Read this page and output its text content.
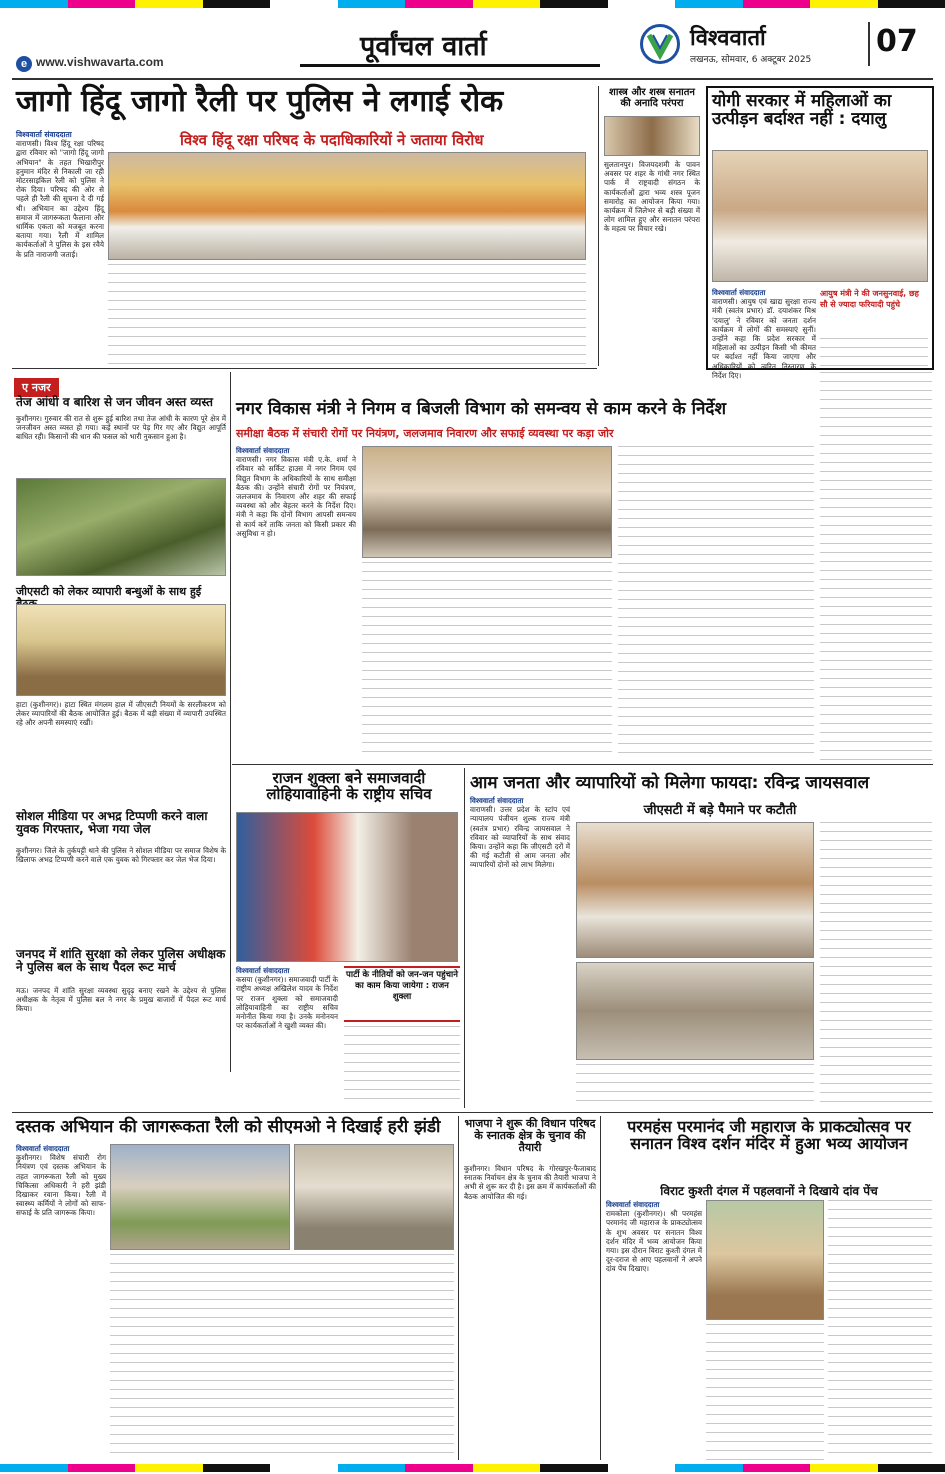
e www.vishwavarta.com	पूर्वांचल वार्ता	विश्ववार्ता
लखनऊ, सोमवार, 6 अक्टूबर 2025
07
जागो हिंदू जागो रैली पर पुलिस ने लगाई रोक
विश्व हिंदू रक्षा परिषद के पदाधिकारियों ने जताया विरोध
विश्ववार्ता संवाददाता
वाराणसी। विश्व हिंदू रक्षा परिषद द्वारा रविवार को "जागो हिंदू जागो अभियान" के तहत भिखारीपुर हनुमान मंदिर से निकाली जा रही मोटरसाइकिल रैली को पुलिस ने रोक दिया। परिषद की ओर से पहले ही रैली की सूचना दे दी गई थी। अभियान का उद्देश्य हिंदू समाज में जागरूकता फैलाना और धार्मिक एकता को मजबूत करना बताया गया। रैली में शामिल कार्यकर्ताओं ने पुलिस के इस रवैये के प्रति नाराजगी जताई।
शास्त्र और शस्त्र सनातन की अनादि परंपरा
सुलतानपुर। विजयदशमी के पावन अवसर पर शहर के गांधी नगर स्थित पार्क में राष्ट्रवादी संगठन के कार्यकर्ताओं द्वारा भव्य शस्त्र पूजन समारोह का आयोजन किया गया। कार्यक्रम में जिलेभर से बड़ी संख्या में लोग शामिल हुए और सनातन परंपरा के महत्व पर विचार रखे।
योगी सरकार में महिलाओं का उत्पीड़न बर्दाश्त नहीं : दयालु
आयुष मंत्री ने की जनसुनवाई, छह सौ से ज्यादा फरियादी पहुंचे
विश्ववार्ता संवाददाता
वाराणसी। आयुष एवं खाद्य सुरक्षा राज्य मंत्री (स्वतंत्र प्रभार) डॉ. दयाशंकर मिश्र 'दयालु' ने रविवार को जनता दर्शन कार्यक्रम में लोगों की समस्याएं सुनीं। उन्होंने कहा कि प्रदेश सरकार में महिलाओं का उत्पीड़न किसी भी कीमत पर बर्दाश्त नहीं किया जाएगा और अधिकारियों को त्वरित निस्तारण के निर्देश दिए।
ए नजर
तेज आंधी व बारिश से जन जीवन अस्त व्यस्त
कुशीनगर। गुरुवार की रात से शुरू हुई बारिश तथा तेज आंधी के कारण पूरे क्षेत्र में जनजीवन अस्त व्यस्त हो गया। कई स्थानों पर पेड़ गिर गए और विद्युत आपूर्ति बाधित रही। किसानों की धान की फसल को भारी नुकसान हुआ है।
जीएसटी को लेकर व्यापारी बन्धुओं के साथ हुई
हाटा (कुशीनगर)। हाटा स्थित मंगलम हाल में जीएसटी नियमों के सरलीकरण को लेकर व्यापारियों की बैठक आयोजित हुई। बैठक में बड़ी संख्या में व्यापारी उपस्थित रहे और अपनी समस्याएं रखीं।
सोशल मीडिया पर अभद्र टिप्पणी करने वाला युवक गिरफ्तार, भेजा गया जेल
कुशीनगर। जिले के तुर्कपट्टी थाने की पुलिस ने सोशल मीडिया पर समाज विशेष के खिलाफ अभद्र टिप्पणी करने वाले एक युवक को गिरफ्तार कर जेल भेज दिया।
जनपद में शांति सुरक्षा को लेकर पुलिस अधीक्षक ने पुलिस बल के साथ पैदल रूट मार्च
मऊ। जनपद में शांति सुरक्षा व्यवस्था सुदृढ़ बनाए रखने के उद्देश्य से पुलिस अधीक्षक के नेतृत्व में पुलिस बल ने नगर के प्रमुख बाजारों में पैदल रूट मार्च किया।
नगर विकास मंत्री ने निगम व बिजली विभाग को समन्वय से काम करने के निर्देश
समीक्षा बैठक में संचारी रोगों पर नियंत्रण, जलजमाव निवारण और सफाई व्यवस्था पर कड़ा जोर
विश्ववार्ता संवाददाता
वाराणसी। नगर विकास मंत्री ए.के. शर्मा ने रविवार को सर्किट हाउस में नगर निगम एवं विद्युत विभाग के अधिकारियों के साथ समीक्षा बैठक की। उन्होंने संचारी रोगों पर नियंत्रण, जलजमाव के निवारण और शहर की सफाई व्यवस्था को और बेहतर करने के निर्देश दिए। मंत्री ने कहा कि दोनों विभाग आपसी समन्वय से कार्य करें ताकि जनता को किसी प्रकार की असुविधा न हो।
राजन शुक्ला बने समाजवादी लोहियावाहिनी के राष्ट्रीय सचिव
विश्ववार्ता संवाददाता
कसया (कुशीनगर)। समाजवादी पार्टी के राष्ट्रीय अध्यक्ष अखिलेश यादव के निर्देश पर राजन शुक्ला को समाजवादी लोहियावाहिनी का राष्ट्रीय सचिव मनोनीत किया गया है। उनके मनोनयन पर कार्यकर्ताओं ने खुशी व्यक्त की।
पार्टी के नीतियों को जन-जन पहुंचाने का काम किया जायेगा : राजन शुक्ला
आम जनता और व्यापारियों को मिलेगा फायदा: रविन्द्र जायसवाल
जीएसटी में बड़े पैमाने पर कटौती
विश्ववार्ता संवाददाता
वाराणसी। उत्तर प्रदेश के स्टांप एवं न्यायालय पंजीयन शुल्क राज्य मंत्री (स्वतंत्र प्रभार) रविन्द्र जायसवाल ने रविवार को व्यापारियों के साथ संवाद किया। उन्होंने कहा कि जीएसटी दरों में की गई कटौती से आम जनता और व्यापारियों दोनों को लाभ मिलेगा।
दस्तक अभियान की जागरूकता रैली को सीएमओ ने दिखाई हरी झंडी
विश्ववार्ता संवाददाता
कुशीनगर। विशेष संचारी रोग नियंत्रण एवं दस्तक अभियान के तहत जागरूकता रैली को मुख्य चिकित्सा अधिकारी ने हरी झंडी दिखाकर रवाना किया। रैली में स्वास्थ्य कर्मियों ने लोगों को साफ-सफाई के प्रति जागरूक किया।
भाजपा ने शुरू की विधान परिषद के स्नातक क्षेत्र के चुनाव की तैयारी
कुशीनगर। विधान परिषद के गोरखपुर-फैजाबाद स्नातक निर्वाचन क्षेत्र के चुनाव की तैयारी भाजपा ने अभी से शुरू कर दी है। इस क्रम में कार्यकर्ताओं की बैठक आयोजित की गई।
परमहंस परमानंद जी महाराज के प्राकट्योत्सव पर सनातन विश्व दर्शन मंदिर में हुआ भव्य आयोजन
विराट कुश्ती दंगल में पहलवानों ने दिखाये दांव पेंच
विश्ववार्ता संवाददाता
रामकोला (कुशीनगर)। श्री परमहंस परमानंद जी महाराज के प्राकट्योत्सव के शुभ अवसर पर सनातन विश्व दर्शन मंदिर में भव्य आयोजन किया गया। इस दौरान विराट कुश्ती दंगल में दूर-दराज से आए पहलवानों ने अपने दांव पेंच दिखाए।
